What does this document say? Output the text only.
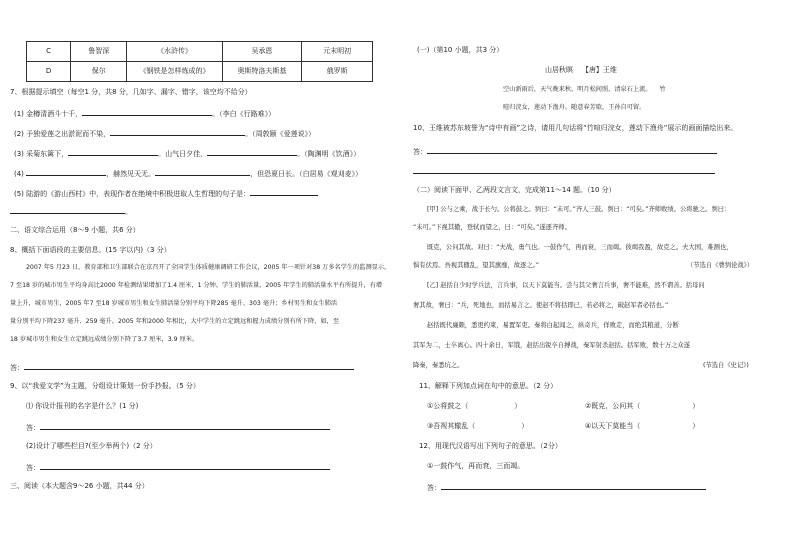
C	鲁智深	《水浒传》	吴承恩	元末明初
D	保尔	《钢铁是怎样炼成的》	奥斯特洛夫斯基	俄罗斯
7、根据提示填空（每空1 分，共8 分，几如字、漏字、错字，该空均不给分）
(1) 金樽清酒斗十千，	。（李白《行路难》）
(2) 予独爱莲之出淤泥而不染，	。（周敦颐《爱莲说》）
(3) 采菊东篱下，	。山气日夕佳，	。（陶渊明《饮酒》）
(4)	，赫然见天无。	，但恐夏日长。（白居易《观刈麦》）
(5) 陆游的《游山西村》中，表现作者在绝境中积极进取人生哲理的句子是：
。
二、语文综合运用（8～9 小题，共6 分）
8、概括下面语段的主要信息。(15 字以内)（3 分）
2007 年5 月23 日，教育部和卫生部联合在京召开了全国学生体质健康调研工作会议，2005 年一项针对38 万多名学生的监测显示，
7 至18 岁的城市男生平均身高比2000 年检测结果增加了1.4 厘米，1 分钟。学生的肺活量，2005 年学生的肺活量水平有所提升，有增
量上升，城市男生，2005 年7 至18 岁城市男生和女生肺活量分别平均下降285 毫升、303 毫升；乡村男生和女生肺活
量分别平均下降237 毫升、259 毫升。2005 年和2000 年相比，大中学生的立定跳远和握力成绩分别有所下降，如，至
18 岁城市男生和女生立定跳远成绩分别下降了3.7 厘米，3.9 厘米。
答：
9、以“我爱文学”为主题，分组设计策划一份手抄报。（5 分）
⑴ 你设计报刊的名字是什么？(1 分)
答：
(2)设计了哪些栏目?(至少举两个)（2 分）
答：
三、阅读（本大题含9～26 小题，共44 分）
(一)（第10 小题，共3 分）
山居秋暝 【唐】王维
空山新雨后，天气晚来秋。明月松间照，清泉石上流。 竹
喧归浣女，莲动下渔舟。随意春芳歇，王孙自可留。
10、王维被苏东坡誉为“诗中有画”之诗，请用几句话将“竹喧归浣女，莲动下渔舟”展示的画面描绘出来。
答：
（二）阅读下面甲、乙两段文言文，完成第11～14 题。（10 分）
[甲] 公与之乘，战于长勺。公将鼓之。刿曰：“未可。”齐人三鼓。刿曰：“可矣。”齐师败绩。公将驰之。刿曰：
“未可。”下视其辙，登轼而望之，曰：“可矣。”遂逐齐师。
既克，公问其故。对曰：“夫战，勇气也。一鼓作气，再而衰，三而竭。彼竭我盈，故克之。夫大国，难测也，
惧有伏焉。吾视其辙乱，望其旗靡，故逐之。”	（节选自《曹刿论战》）
[乙] 赵括自少时学兵法，言兵事，以天下莫能当。尝与其父奢言兵事，奢不能难，然不谓善。括母问
奢其故，奢曰：“兵，死地也，而括易言之。使赵不将括即已，若必将之，破赵军者必括也。”
赵括既代廉颇，悉更约束，易置军吏。秦将白起闻之，纵奇兵，佯败走，而绝其粮道，分断
其军为二，士卒离心。四十余日，军饿，赵括出锐卒自搏战，秦军射杀赵括。括军败，数十万之众遂
降秦，秦悉坑之。	(节选自《史记》)
11、解释下列加点词在句中的意思。（2 分）
①公将鼓之（	）	②既克，公问其（	）
③吾视其辙乱（	）	④以天下莫能当（	）
12、用现代汉语写出下列句子的意思。（2分）
①一鼓作气，再而衰，三而竭。
答：
